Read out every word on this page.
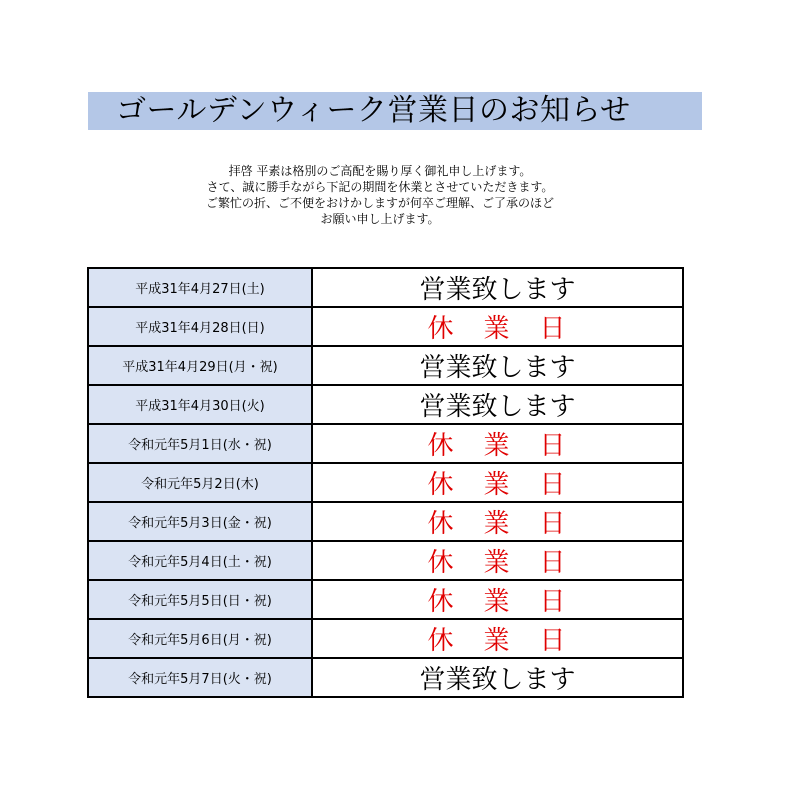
ゴールデンウィーク営業日のお知らせ
拝啓 平素は格別のご高配を賜り厚く御礼申し上げます。
さて、誠に勝手ながら下記の期間を休業とさせていただきます。
ご繁忙の折、ご不便をおけかしますが何卒ご理解、ご了承のほど
お願い申し上げます。
平成31年4月27日(土)	営業致します
平成31年4月28日(日)	休　業　日
平成31年4月29日(月・祝)	営業致します
平成31年4月30日(火)	営業致します
令和元年5月1日(水・祝)	休　業　日
令和元年5月2日(木)	休　業　日
令和元年5月3日(金・祝)	休　業　日
令和元年5月4日(土・祝)	休　業　日
令和元年5月5日(日・祝)	休　業　日
令和元年5月6日(月・祝)	休　業　日
令和元年5月7日(火・祝)	営業致します
